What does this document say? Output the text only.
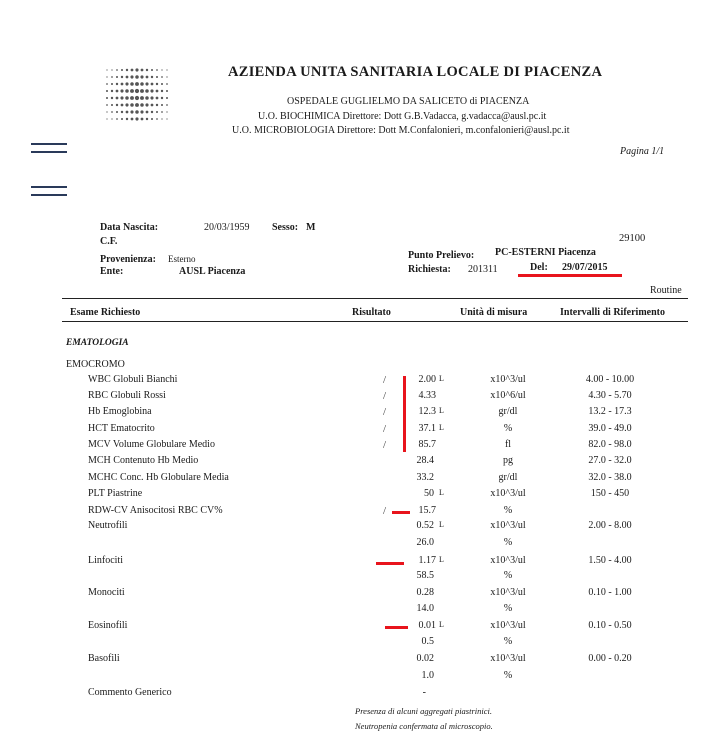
AZIENDA UNITA SANITARIA LOCALE DI PIACENZA
OSPEDALE GUGLIELMO DA SALICETO di PIACENZA
U.O. BIOCHIMICA Direttore: Dott G.B.Vadacca, g.vadacca@ausl.pc.it
U.O. MICROBIOLOGIA Direttore: Dott M.Confalonieri, m.confalonieri@ausl.pc.it
Pagina 1/1
Data Nascita:	20/03/1959 Sesso: M
C.F.	29100
Provenienza: Esterno
Ente:	AUSL Piacenza
Punto Prelievo: PC-ESTERNI Piacenza
Richiesta: 201311	Del: 29/07/2015
Routine
Esame Richiesto	Risultato	Unità di misura	Intervalli di Riferimento
EMATOLOGIA
EMOCROMO
WBC Globuli Bianchi	/	2.00 L	x10^3/ul	4.00 - 10.00
RBC Globuli Rossi	/	4.33	x10^6/ul	4.30 - 5.70
Hb Emoglobina	/	12.3 L	gr/dl	13.2 - 17.3
HCT Ematocrito	/	37.1 L	%	39.0 - 49.0
MCV Volume Globulare Medio	/	85.7	fl	82.0 - 98.0
MCH Contenuto Hb Medio	28.4	pg	27.0 - 32.0
MCHC Conc. Hb Globulare Media	33.2	gr/dl	32.0 - 38.0
PLT Piastrine	50 L	x10^3/ul	150 - 450
RDW-CV Anisocitosi RBC CV%	/	15.7	%
Neutrofili	0.52 L	x10^3/ul	2.00 - 8.00
26.0	%
Linfociti	1.17 L	x10^3/ul	1.50 - 4.00
58.5	%
Monociti	0.28	x10^3/ul	0.10 - 1.00
14.0	%
Eosinofili	0.01 L	x10^3/ul	0.10 - 0.50
0.5	%
Basofili	0.02	x10^3/ul	0.00 - 0.20
1.0	%
Commento Generico	-
Presenza di alcuni aggregati piastrinici.
Neutropenia confermata al microscopio.
